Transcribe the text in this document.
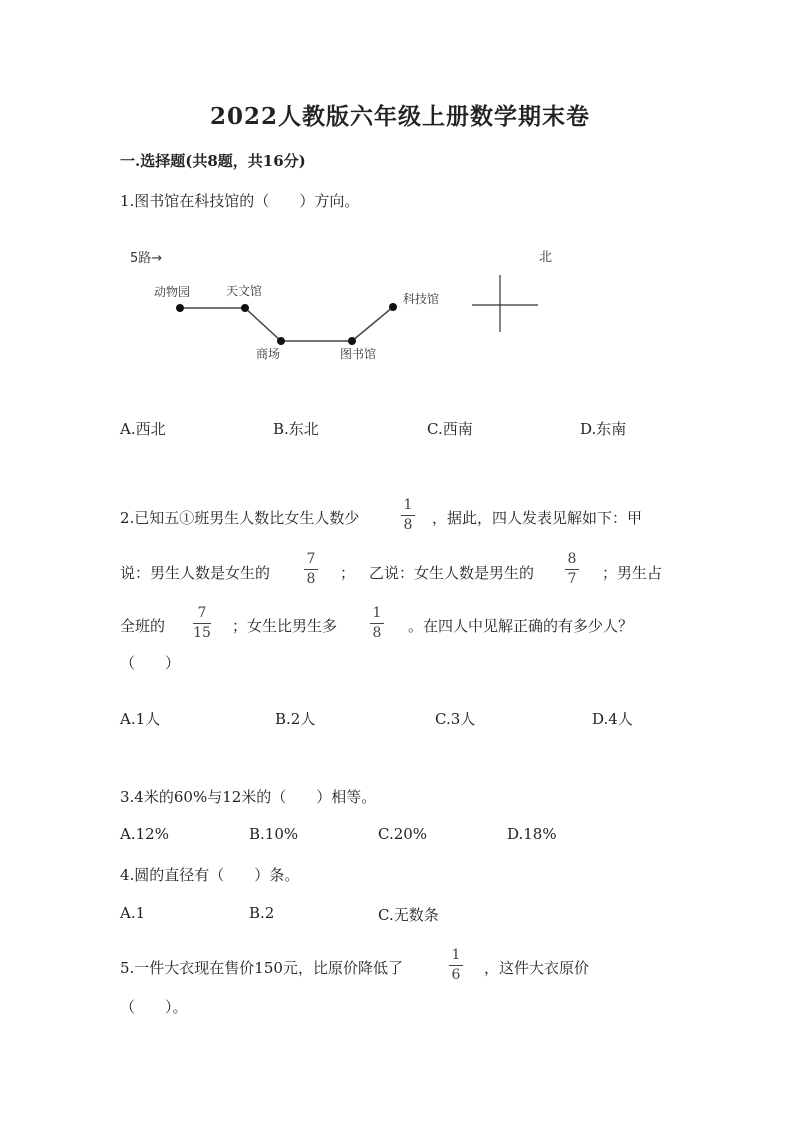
2022人教版六年级上册数学期末卷
一.选择题(共8题，共16分)
1.图书馆在科技馆的（　　）方向。
5路→	北
动物园	天文馆
商场	图书馆
科技馆
A.西北	B.东北	C.西南	D.东南
2.已知五①班男生人数比女生人数少
1
8 ，据此，四人发表见解如下：甲
说：男生人数是女生的
7
8 ； 乙说：女生人数是男生的
8
7 ；男生占
全班的
7
15 ；女生比男生多
1
8 。在四人中见解正确的有多少人？
（　　）
A.1人	B.2人	C.3人	D.4人
3.4米的60%与12米的（　　）相等。
A.12%	B.10%	C.20%	D.18%
4.圆的直径有（　　）条。
A.1	B.2	C.无数条
5.一件大衣现在售价150元，比原价降低了
1
6 ，这件大衣原价
（　　）。
